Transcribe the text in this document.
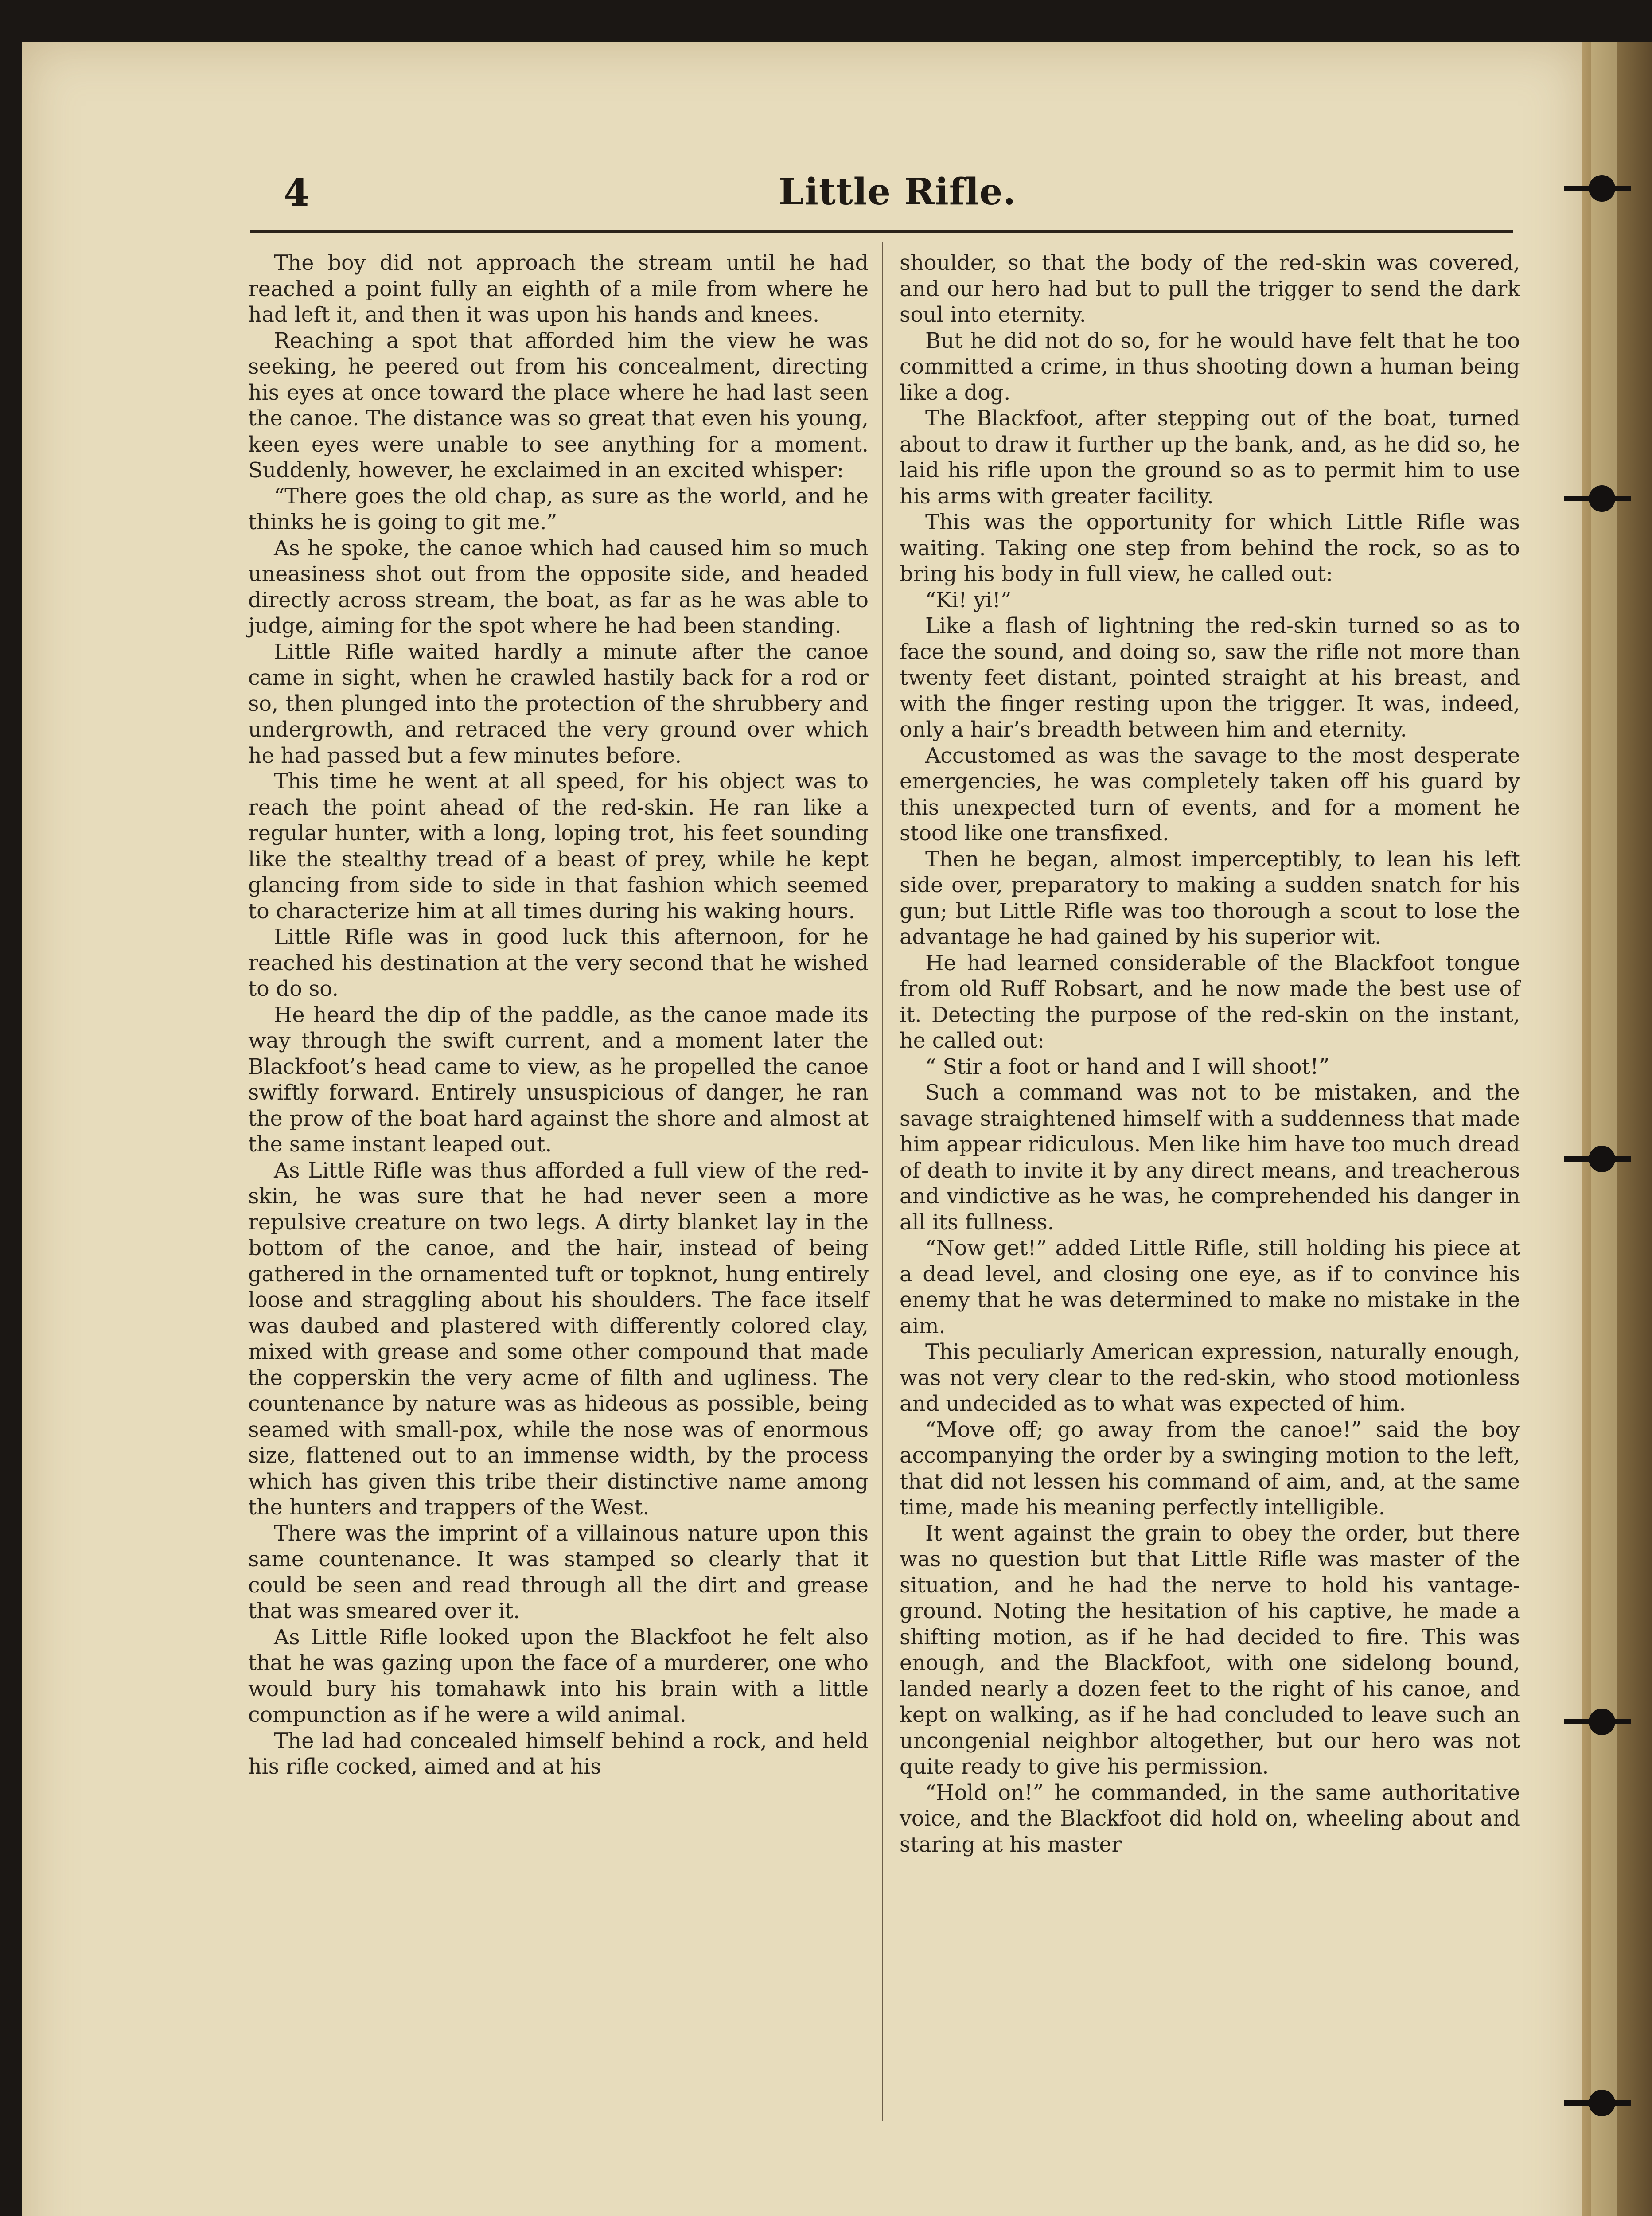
4	Little Rifle.

The boy did not approach the stream until he had reached a point fully an eighth of a mile from where he had left it, and then it was upon his hands and knees.

Reaching a spot that afforded him the view he was seeking, he peered out from his concealment, directing his eyes at once toward the place where he had last seen the canoe. The distance was so great that even his young, keen eyes were unable to see anything for a moment. Suddenly, however, he exclaimed in an excited whisper:

“There goes the old chap, as sure as the world, and he thinks he is going to git me.”

As he spoke, the canoe which had caused him so much uneasiness shot out from the opposite side, and headed directly across stream, the boat, as far as he was able to judge, aiming for the spot where he had been standing.

Little Rifle waited hardly a minute after the canoe came in sight, when he crawled hastily back for a rod or so, then plunged into the protection of the shrubbery and undergrowth, and retraced the very ground over which he had passed but a few minutes before.

This time he went at all speed, for his object was to reach the point ahead of the red-skin. He ran like a regular hunter, with a long, loping trot, his feet sounding like the stealthy tread of a beast of prey, while he kept glancing from side to side in that fashion which seemed to characterize him at all times during his waking hours.

Little Rifle was in good luck this afternoon, for he reached his destination at the very second that he wished to do so.

He heard the dip of the paddle, as the canoe made its way through the swift current, and a moment later the Blackfoot’s head came to view, as he propelled the canoe swiftly forward. Entirely unsuspicious of danger, he ran the prow of the boat hard against the shore and almost at the same instant leaped out.

As Little Rifle was thus afforded a full view of the red-skin, he was sure that he had never seen a more repulsive creature on two legs. A dirty blanket lay in the bottom of the canoe, and the hair, instead of being gathered in the ornamented tuft or topknot, hung entirely loose and straggling about his shoulders. The face itself was daubed and plastered with differently colored clay, mixed with grease and some other compound that made the copperskin the very acme of filth and ugliness. The countenance by nature was as hideous as possible, being seamed with small-pox, while the nose was of enormous size, flattened out to an immense width, by the process which has given this tribe their distinctive name among the hunters and trappers of the West.

There was the imprint of a villainous nature upon this same countenance. It was stamped so clearly that it could be seen and read through all the dirt and grease that was smeared over it.

As Little Rifle looked upon the Blackfoot he felt also that he was gazing upon the face of a murderer, one who would bury his tomahawk into his brain with a little compunction as if he were a wild animal.

The lad had concealed himself behind a rock, and held his rifle cocked, aimed and at his

shoulder, so that the body of the red-skin was covered, and our hero had but to pull the trigger to send the dark soul into eternity.

But he did not do so, for he would have felt that he too committed a crime, in thus shooting down a human being like a dog.

The Blackfoot, after stepping out of the boat, turned about to draw it further up the bank, and, as he did so, he laid his rifle upon the ground so as to permit him to use his arms with greater facility.

This was the opportunity for which Little Rifle was waiting. Taking one step from behind the rock, so as to bring his body in full view, he called out:

“Ki! yi!”

Like a flash of lightning the red-skin turned so as to face the sound, and doing so, saw the rifle not more than twenty feet distant, pointed straight at his breast, and with the finger resting upon the trigger. It was, indeed, only a hair’s breadth between him and eternity.

Accustomed as was the savage to the most desperate emergencies, he was completely taken off his guard by this unexpected turn of events, and for a moment he stood like one transfixed.

Then he began, almost imperceptibly, to lean his left side over, preparatory to making a sudden snatch for his gun; but Little Rifle was too thorough a scout to lose the advantage he had gained by his superior wit.

He had learned considerable of the Blackfoot tongue from old Ruff Robsart, and he now made the best use of it. Detecting the purpose of the red-skin on the instant, he called out:

“ Stir a foot or hand and I will shoot!”

Such a command was not to be mistaken, and the savage straightened himself with a suddenness that made him appear ridiculous. Men like him have too much dread of death to invite it by any direct means, and treacherous and vindictive as he was, he comprehended his danger in all its fullness.

“Now get!” added Little Rifle, still holding his piece at a dead level, and closing one eye, as if to convince his enemy that he was determined to make no mistake in the aim.

This peculiarly American expression, naturally enough, was not very clear to the red-skin, who stood motionless and undecided as to what was expected of him.

“Move off; go away from the canoe!” said the boy accompanying the order by a swinging motion to the left, that did not lessen his command of aim, and, at the same time, made his meaning perfectly intelligible.

It went against the grain to obey the order, but there was no question but that Little Rifle was master of the situation, and he had the nerve to hold his vantage-ground. Noting the hesitation of his captive, he made a shifting motion, as if he had decided to fire. This was enough, and the Blackfoot, with one sidelong bound, landed nearly a dozen feet to the right of his canoe, and kept on walking, as if he had concluded to leave such an uncongenial neighbor altogether, but our hero was not quite ready to give his permission.

“Hold on!” he commanded, in the same authoritative voice, and the Blackfoot did hold on, wheeling about and staring at his master
